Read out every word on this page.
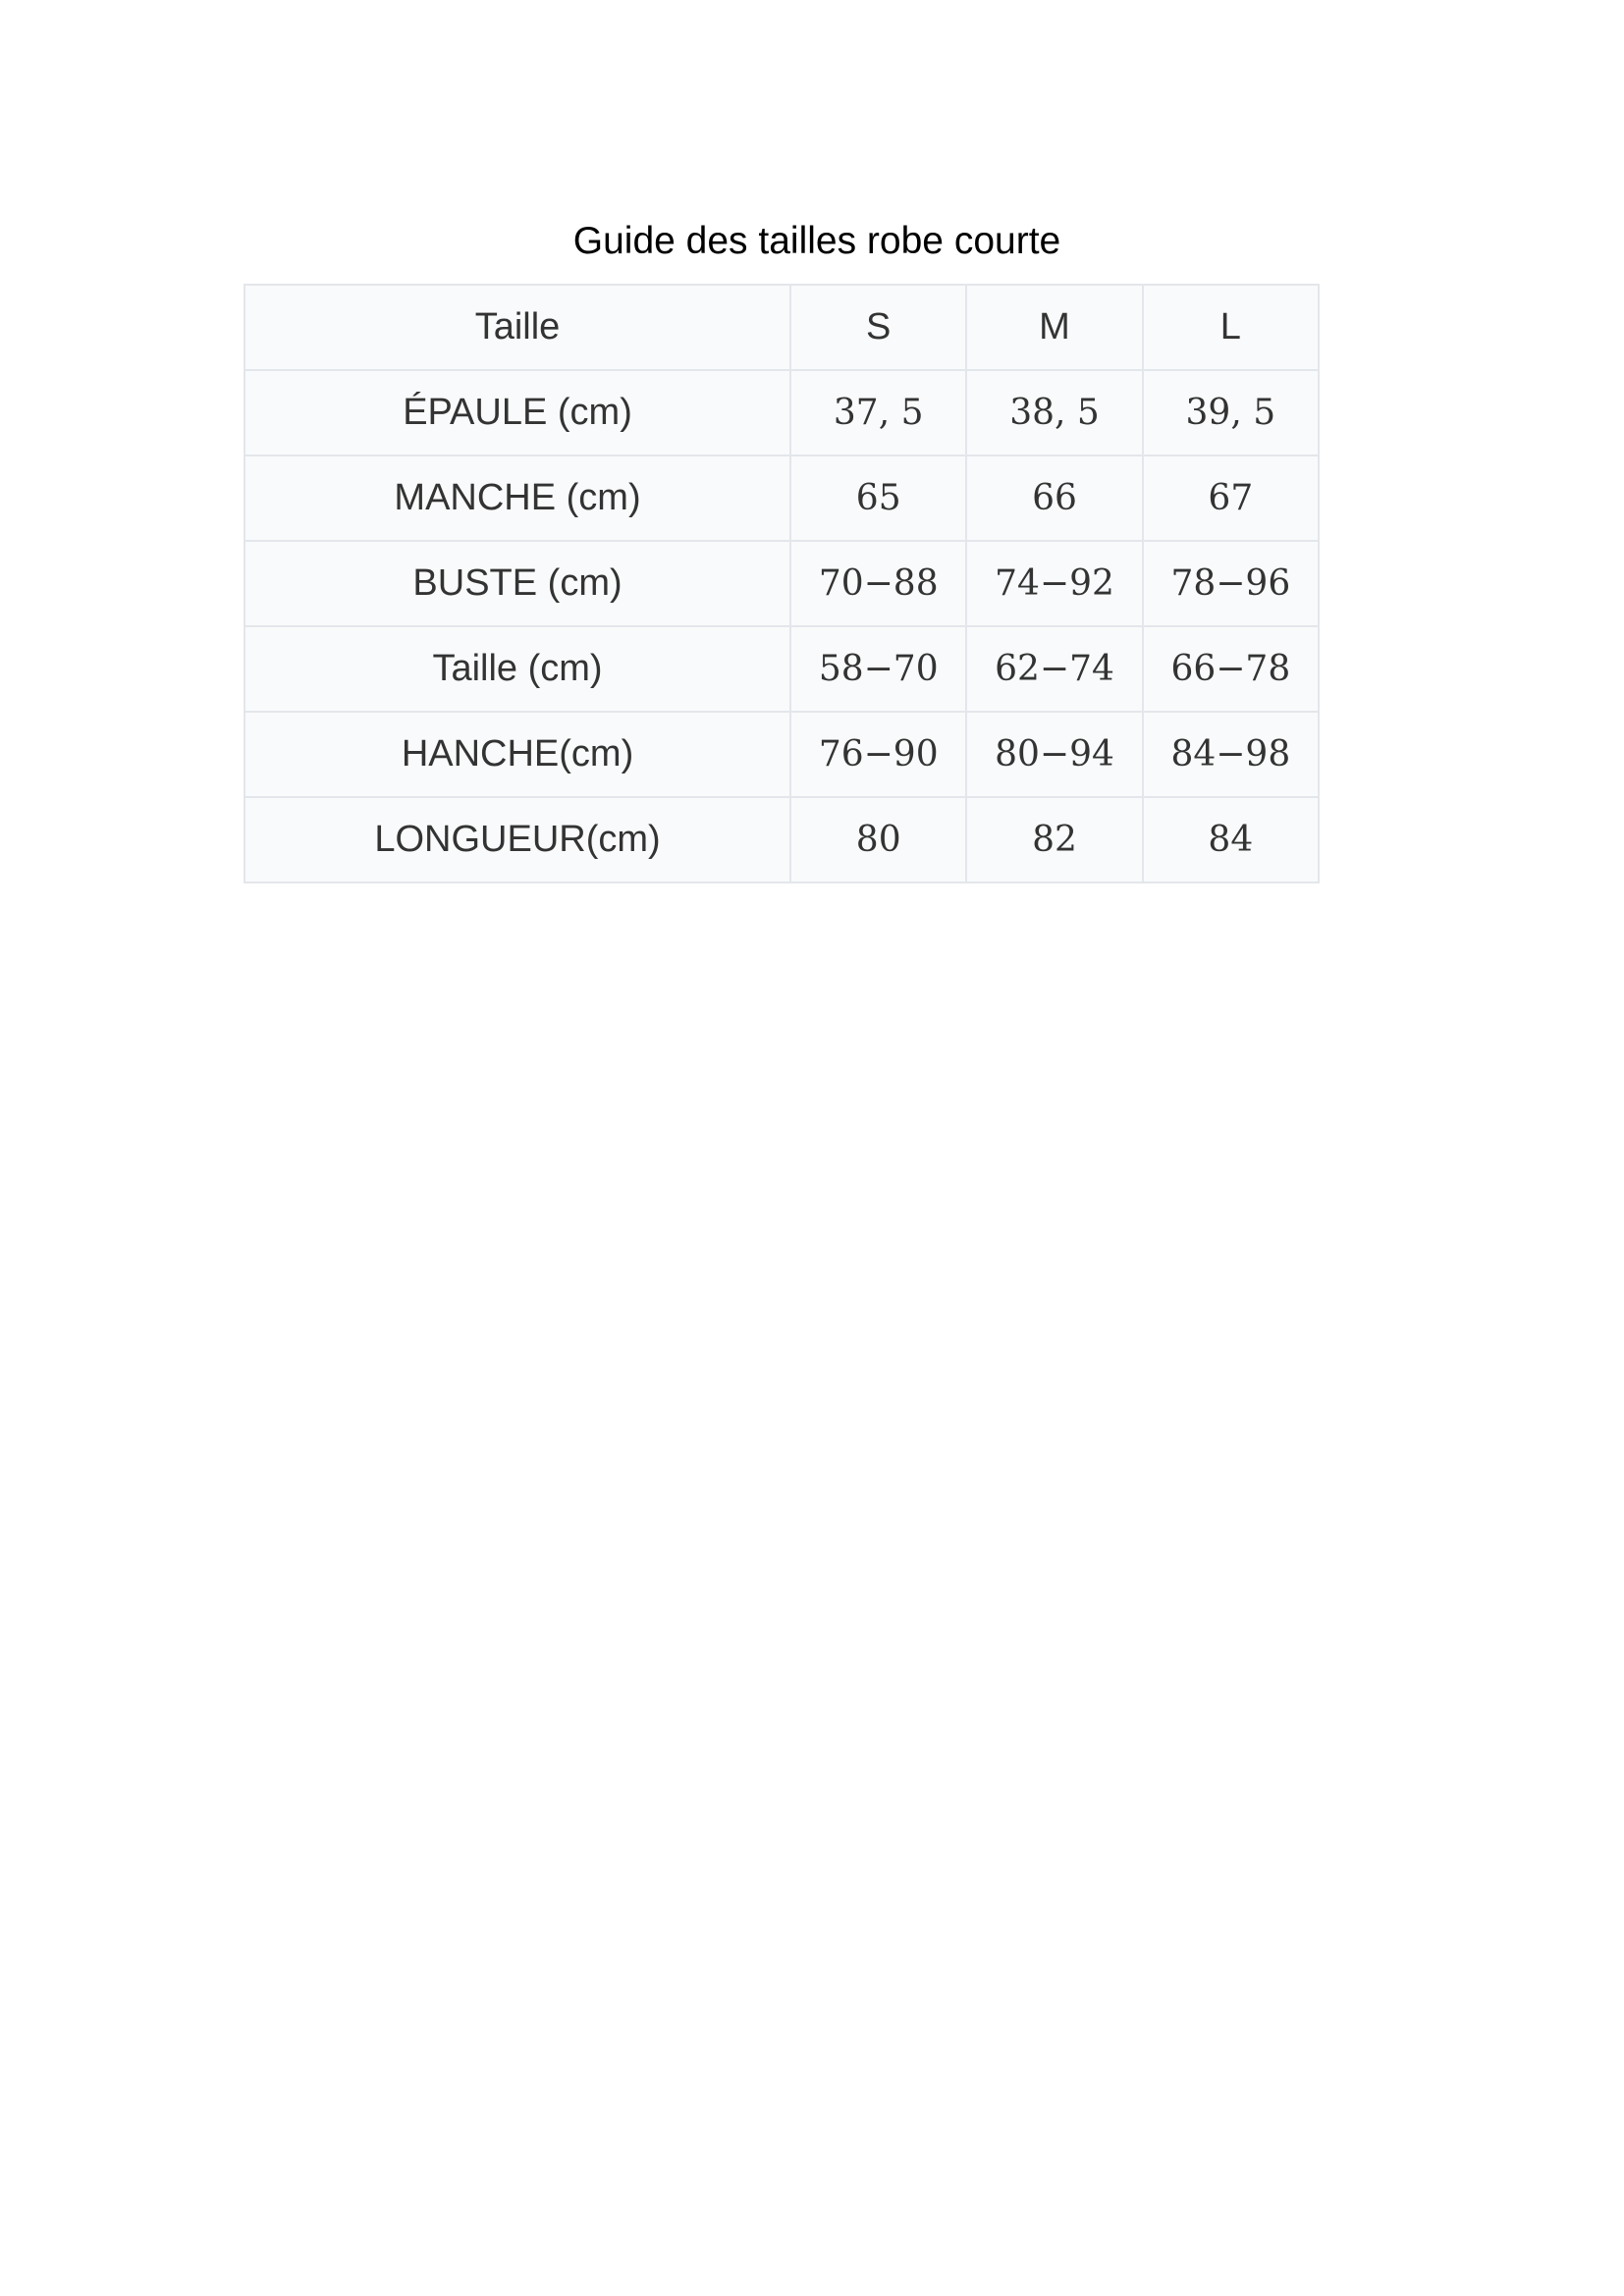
Guide des tailles robe courte
Taille	S	M	L
ÉPAULE (cm)	37, 5	38, 5	39, 5
MANCHE (cm)	65	66	67
BUSTE (cm)	70−88	74−92	78−96
Taille (cm)	58−70	62−74	66−78
HANCHE(cm)	76−90	80−94	84−98
LONGUEUR(cm)	80	82	84
